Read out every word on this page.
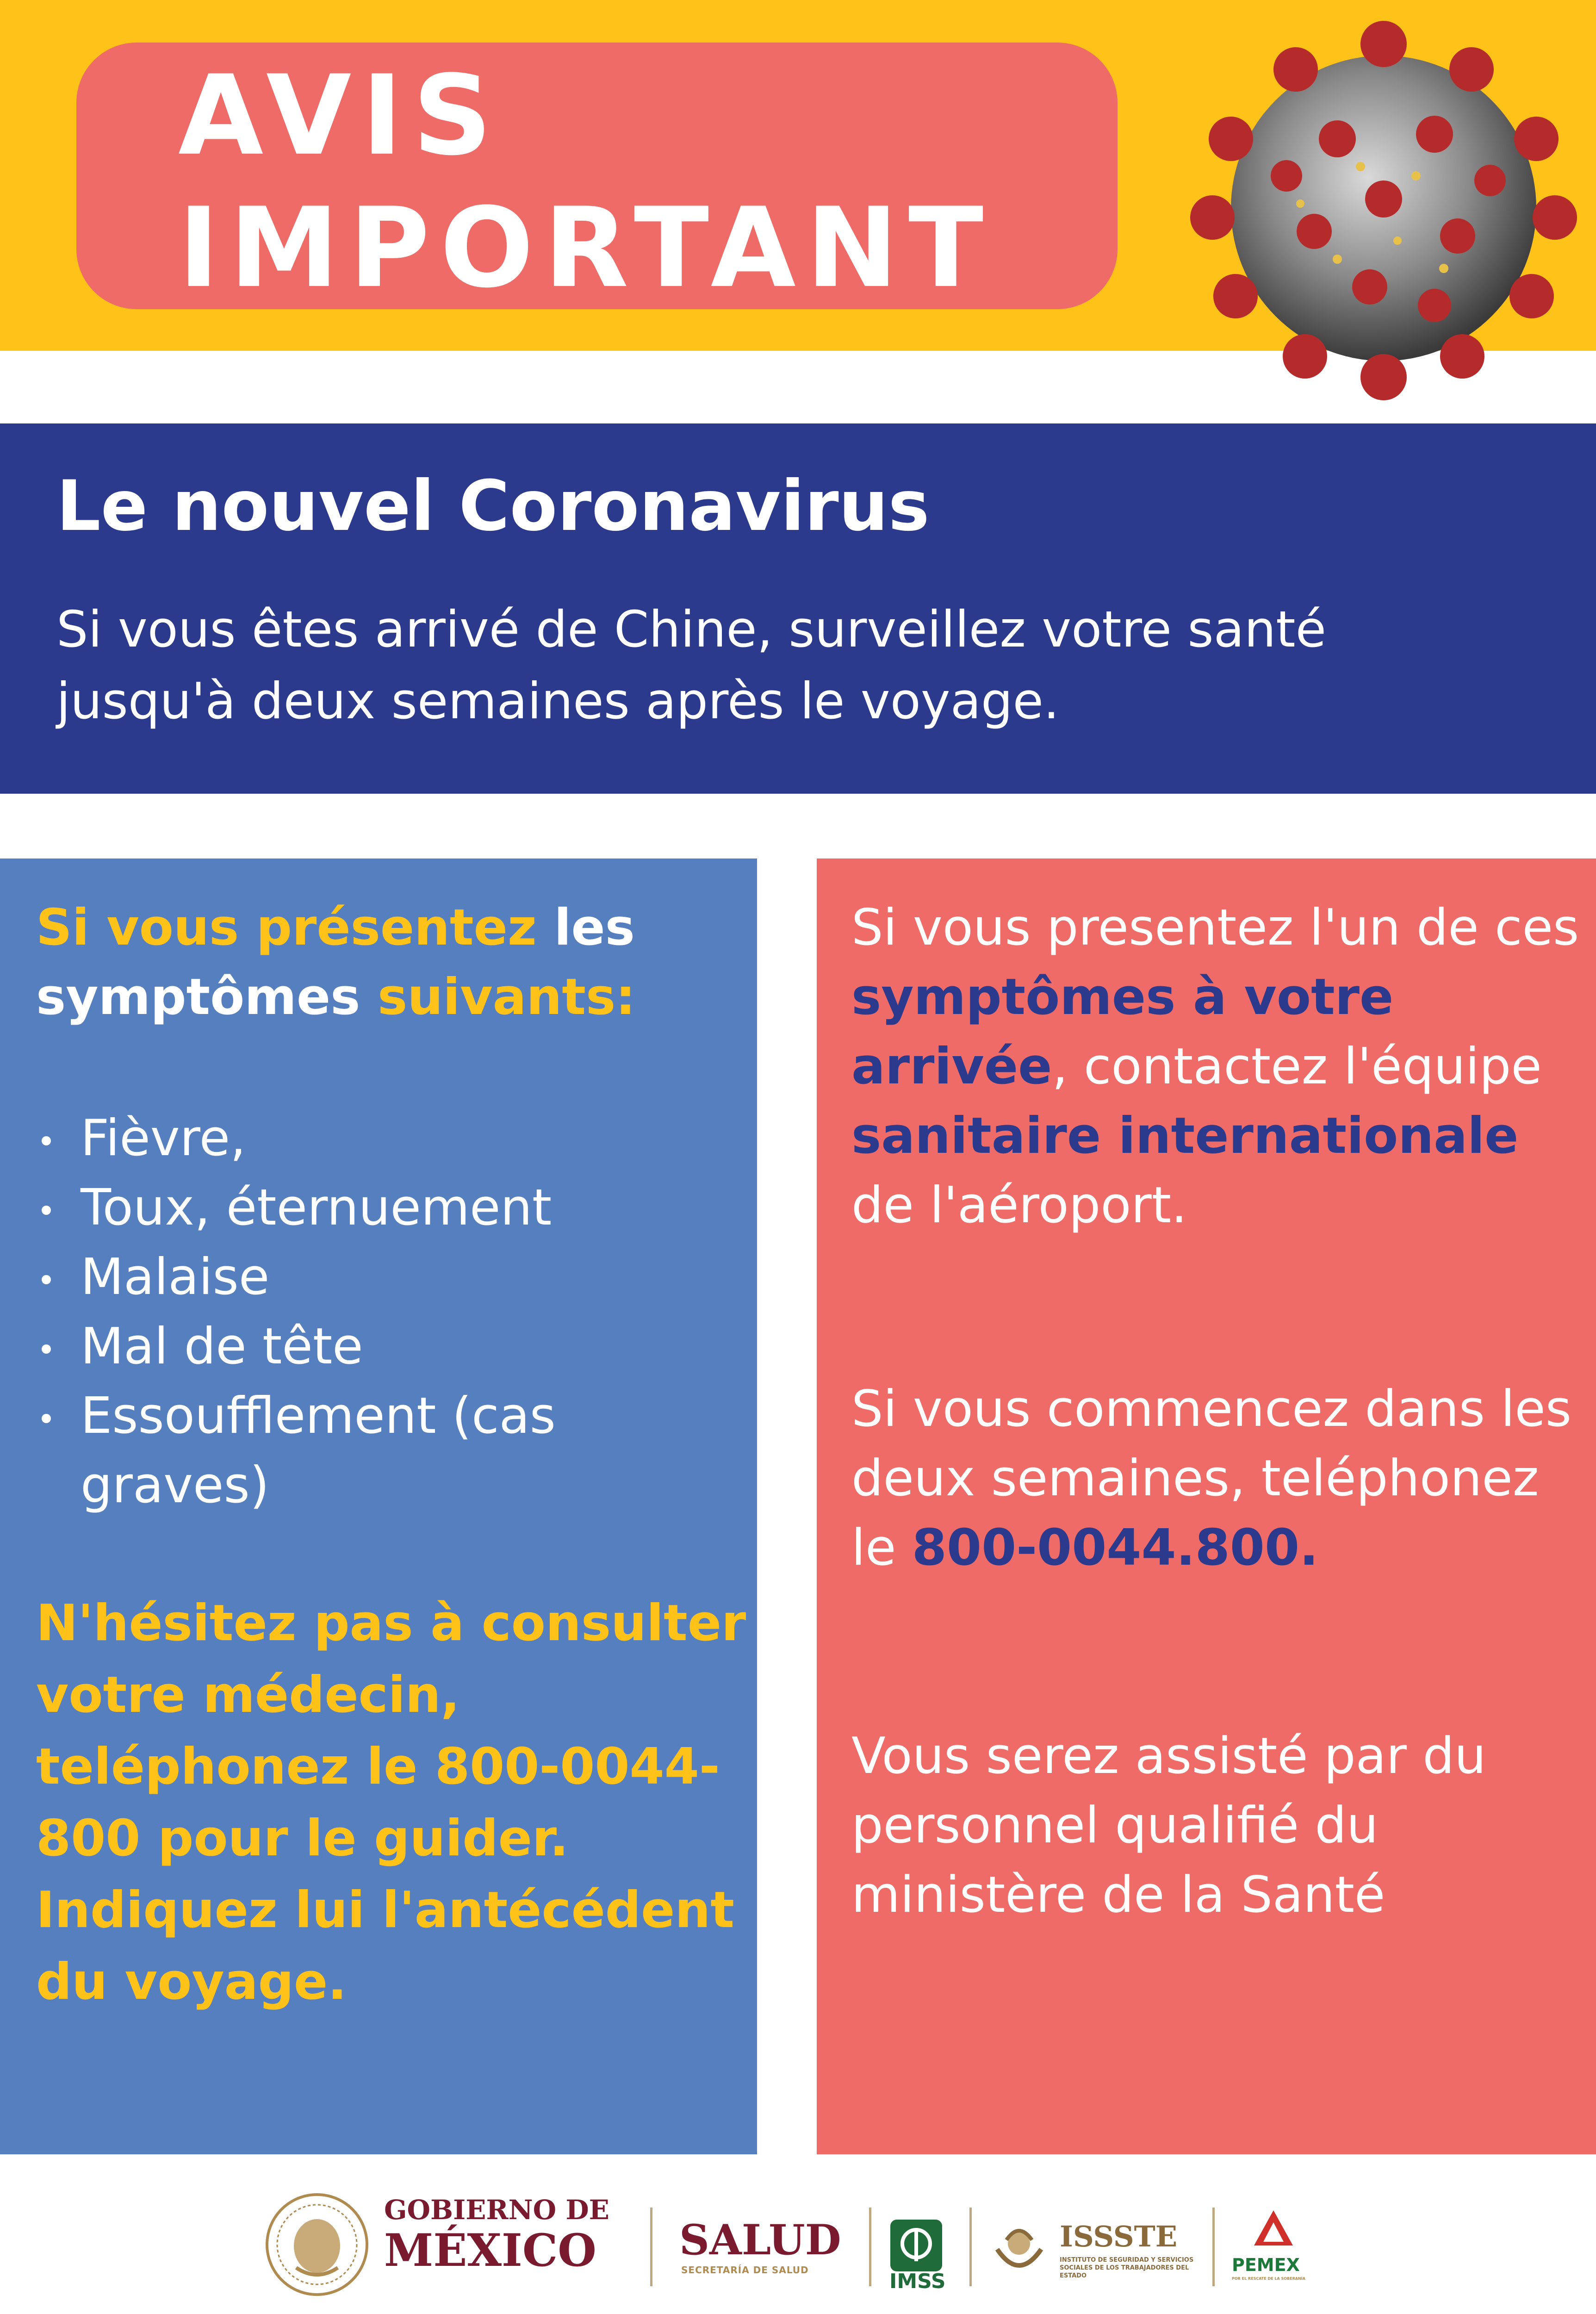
AVIS
IMPORTANT
Le nouvel Coronavirus
Si vous êtes arrivé de Chine, surveillez votre santé
jusqu'à deux semaines après le voyage.
Si vous présentez les
symptômes suivants:
Fièvre,
Toux, éternuement
Malaise
Mal de tête
Essoufflement (cas graves)
N'hésitez pas à consulter votre médecin, teléphonez le 800-0044-800 pour le guider. Indiquez lui l'antécédent du voyage.
Si vous presentez l'un de ces symptômes à votre arrivée, contactez l'équipe sanitaire internationale de l'aéroport.
Si vous commencez dans les deux semaines, teléphonez le 800-0044.800.
Vous serez assisté par du personnel qualifié du ministère de la Santé
GOBIERNO DE
MÉXICO SALUD
SECRETARÍA DE SALUD	IMSS
ISSSTE
INSTITUTO DE SEGURIDAD Y SERVICIOS SOCIALES DE LOS TRABAJADORES DEL ESTADO
PEMEX
POR EL RESCATE DE LA SOBERANÍA
